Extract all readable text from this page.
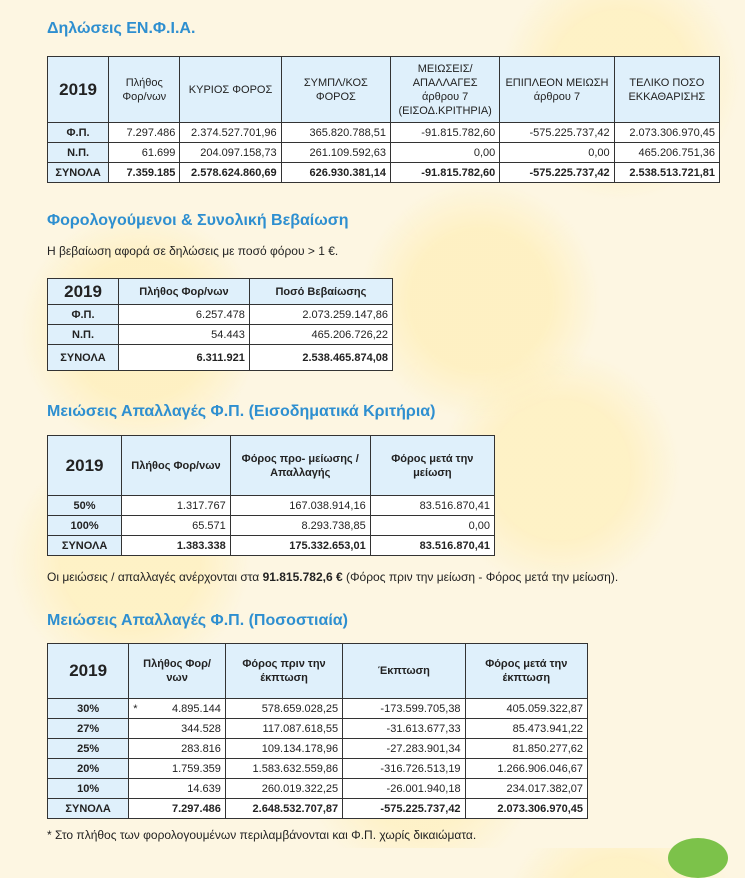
Δηλώσεις ΕΝ.Φ.Ι.Α.
2019	Πλήθος Φορ/νων	ΚΥΡΙΟΣ ΦΟΡΟΣ	ΣΥΜΠΛ/ΚΟΣ ΦΟΡΟΣ	ΜΕΙΩΣΕΙΣ/ ΑΠΑΛΛΑΓΕΣ άρθρου 7 (ΕΙΣΟΔ.ΚΡΙΤΗΡΙΑ)	ΕΠΙΠΛΕΟΝ ΜΕΙΩΣΗ άρθρου 7	ΤΕΛΙΚΟ ΠΟΣΟ ΕΚΚΑΘΑΡΙΣΗΣ
Φ.Π.	7.297.486	2.374.527.701,96	365.820.788,51	-91.815.782,60	-575.225.737,42	2.073.306.970,45
Ν.Π.	61.699	204.097.158,73	261.109.592,63	0,00	0,00	465.206.751,36
ΣΥΝΟΛΑ	7.359.185	2.578.624.860,69	626.930.381,14	-91.815.782,60	-575.225.737,42	2.538.513.721,81
Φορολογούμενοι & Συνολική Βεβαίωση
Η βεβαίωση αφορά σε δηλώσεις με ποσό φόρου > 1 €.
2019	Πλήθος Φορ/νων	Ποσό Βεβαίωσης
Φ.Π.	6.257.478	2.073.259.147,86
Ν.Π.	54.443	465.206.726,22
ΣΥΝΟΛΑ	6.311.921	2.538.465.874,08
Μειώσεις Απαλλαγές Φ.Π. (Εισοδηματικά Κριτήρια)
2019	Πλήθος Φορ/νων	Φόρος προ- μείωσης / Απαλλαγής	Φόρος μετά την μείωση
50%	1.317.767	167.038.914,16	83.516.870,41
100%	65.571	8.293.738,85	0,00
ΣΥΝΟΛΑ	1.383.338	175.332.653,01	83.516.870,41
Οι μειώσεις / απαλλαγές ανέρχονται στα 91.815.782,6 € (Φόρος πριν την μείωση - Φόρος μετά την μείωση).
Μειώσεις Απαλλαγές Φ.Π. (Ποσοστιαία)
2019	Πλήθος Φορ/νων	Φόρος πριν την έκπτωση	Έκπτωση	Φόρος μετά την έκπτωση
30%	* 4.895.144	578.659.028,25	-173.599.705,38	405.059.322,87
27%	344.528	117.087.618,55	-31.613.677,33	85.473.941,22
25%	283.816	109.134.178,96	-27.283.901,34	81.850.277,62
20%	1.759.359	1.583.632.559,86	-316.726.513,19	1.266.906.046,67
10%	14.639	260.019.322,25	-26.001.940,18	234.017.382,07
ΣΥΝΟΛΑ	7.297.486	2.648.532.707,87	-575.225.737,42	2.073.306.970,45
* Στο πλήθος των φορολογουμένων περιλαμβάνονται και Φ.Π. χωρίς δικαιώματα.
